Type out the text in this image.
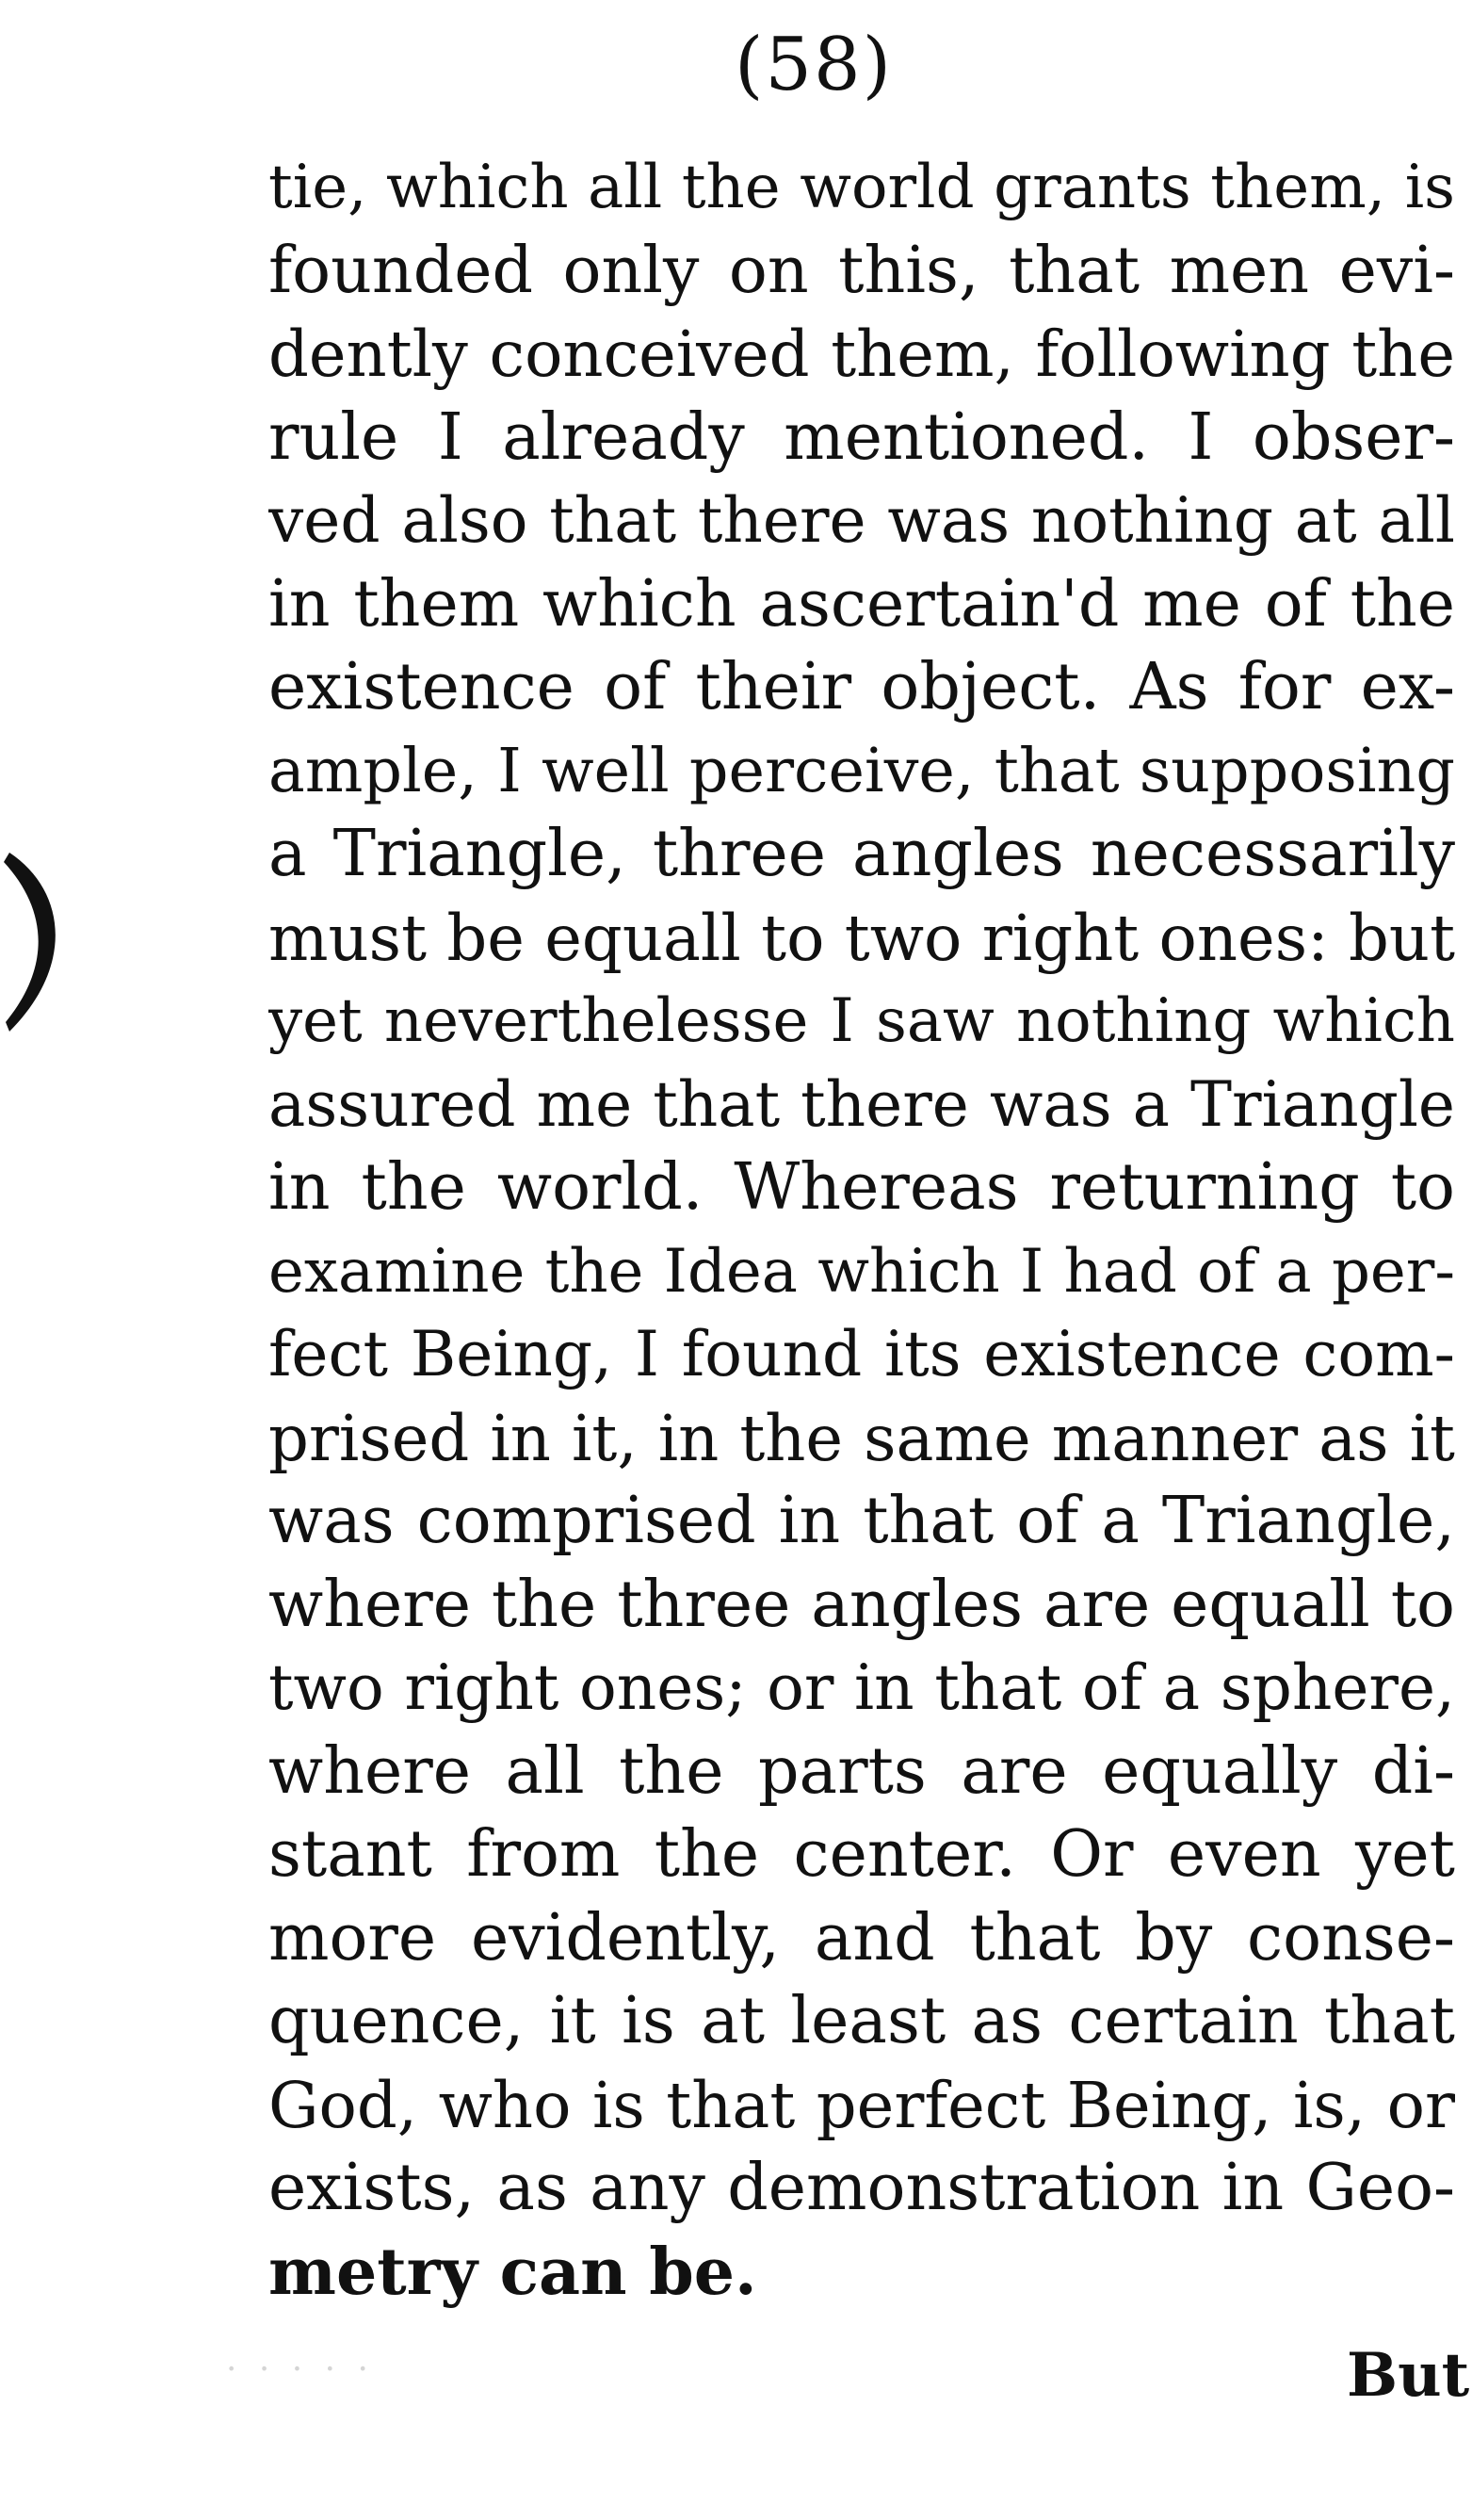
(58)
tie, which all the world grants them, is
founded only on this, that men evi-
dently conceived them, following the
rule I already mentioned. I obser-
ved also that there was nothing at all
in them which ascertain'd me of the
existence of their object. As for ex-
ample, I well perceive, that supposing
a Triangle, three angles necessarily
must be equall to two right ones: but
yet neverthelesse I saw nothing which
assured me that there was a Triangle
in the world. Whereas returning to
examine the Idea which I had of a per-
fect Being, I found its existence com-
prised in it, in the same manner as it
was comprised in that of a Triangle,
where the three angles are equall to
two right ones; or in that of a sphere,
where all the parts are equally di-
stant from the center. Or even yet
more evidently, and that by conse-
quence, it is at least as certain that
God, who is that perfect Being, is, or
exists, as any demonstration in Geo-
metry can be.
· · · · ·	But
